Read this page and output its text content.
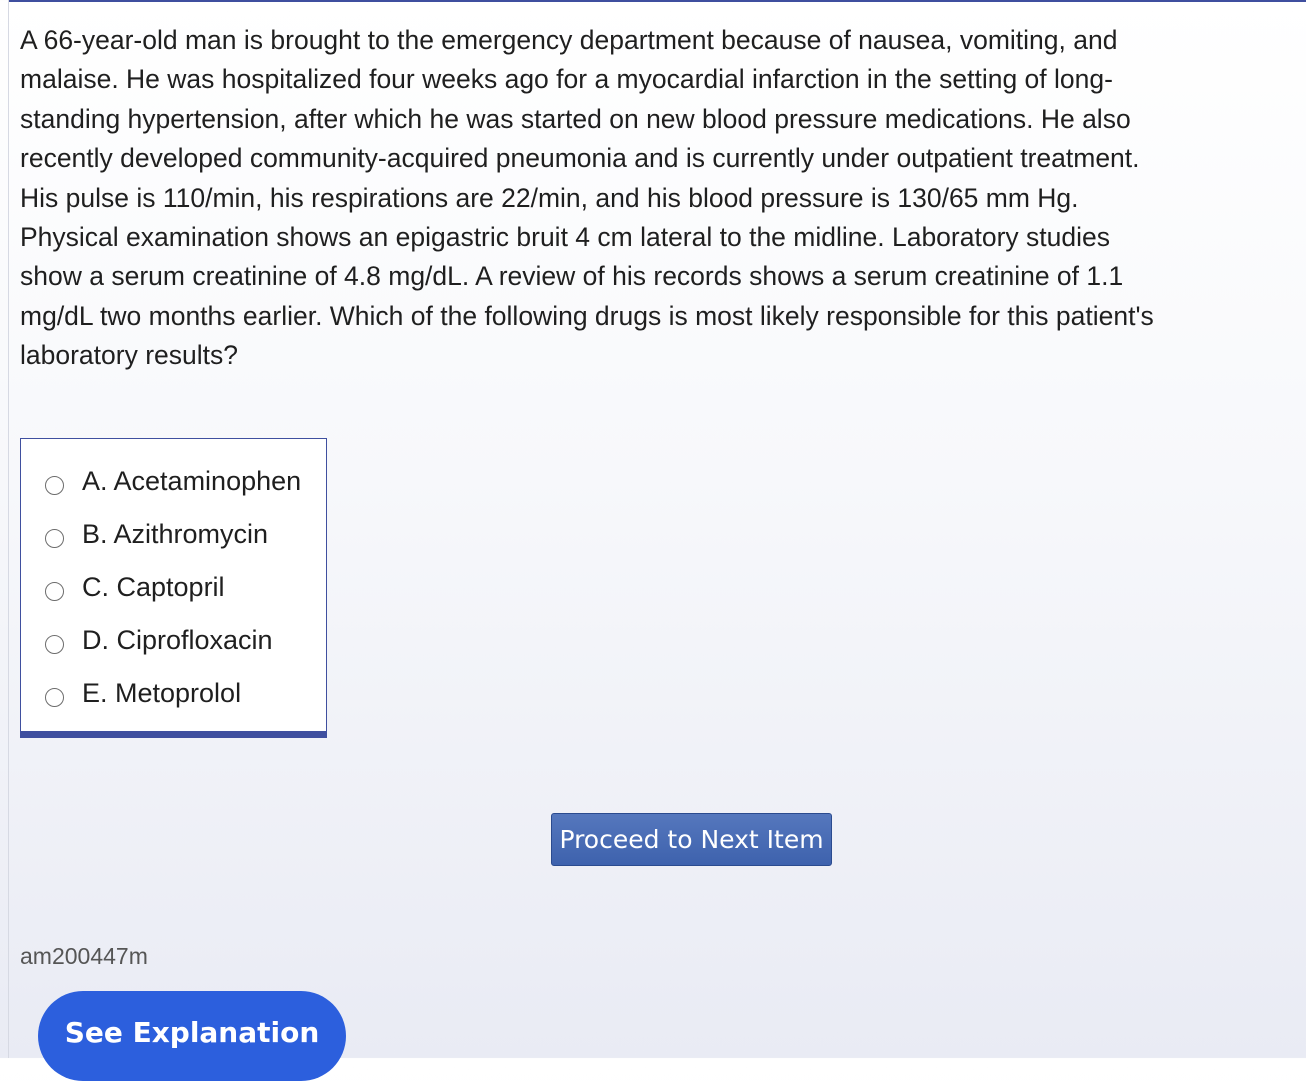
A 66-year-old man is brought to the emergency department because of nausea, vomiting, and malaise. He was hospitalized four weeks ago for a myocardial infarction in the setting of long-standing hypertension, after which he was started on new blood pressure medications. He also recently developed community-acquired pneumonia and is currently under outpatient treatment. His pulse is 110/min, his respirations are 22/min, and his blood pressure is 130/65 mm Hg. Physical examination shows an epigastric bruit 4 cm lateral to the midline. Laboratory studies show a serum creatinine of 4.8 mg/dL. A review of his records shows a serum creatinine of 1.1 mg/dL two months earlier. Which of the following drugs is most likely responsible for this patient's laboratory results?

A. Acetaminophen
B. Azithromycin
C. Captopril
D. Ciprofloxacin
E. Metoprolol
Proceed to Next Item
am200447m
See Explanation
